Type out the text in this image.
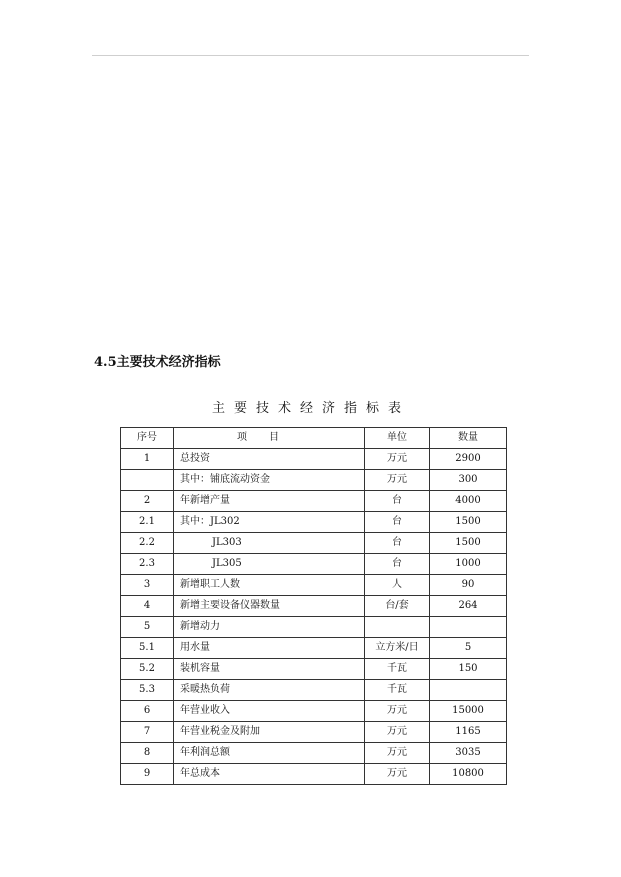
4.5主要技术经济指标
主要技术经济指标表
序号	项目	单位	数量
1	总投资	万元	2900
	其中：铺底流动资金	万元	300
2	年新增产量	台	4000
2.1	其中：JL302	台	1500
2.2	JL303	台	1500
2.3	JL305	台	1000
3	新增职工人数	人	90
4	新增主要设备仪器数量	台/套	264
5	新增动力		
5.1	用水量	立方米/日	5
5.2	装机容量	千瓦	150
5.3	采暖热负荷	千瓦	
6	年营业收入	万元	15000
7	年营业税金及附加	万元	1165
8	年利润总额	万元	3035
9	年总成本	万元	10800
